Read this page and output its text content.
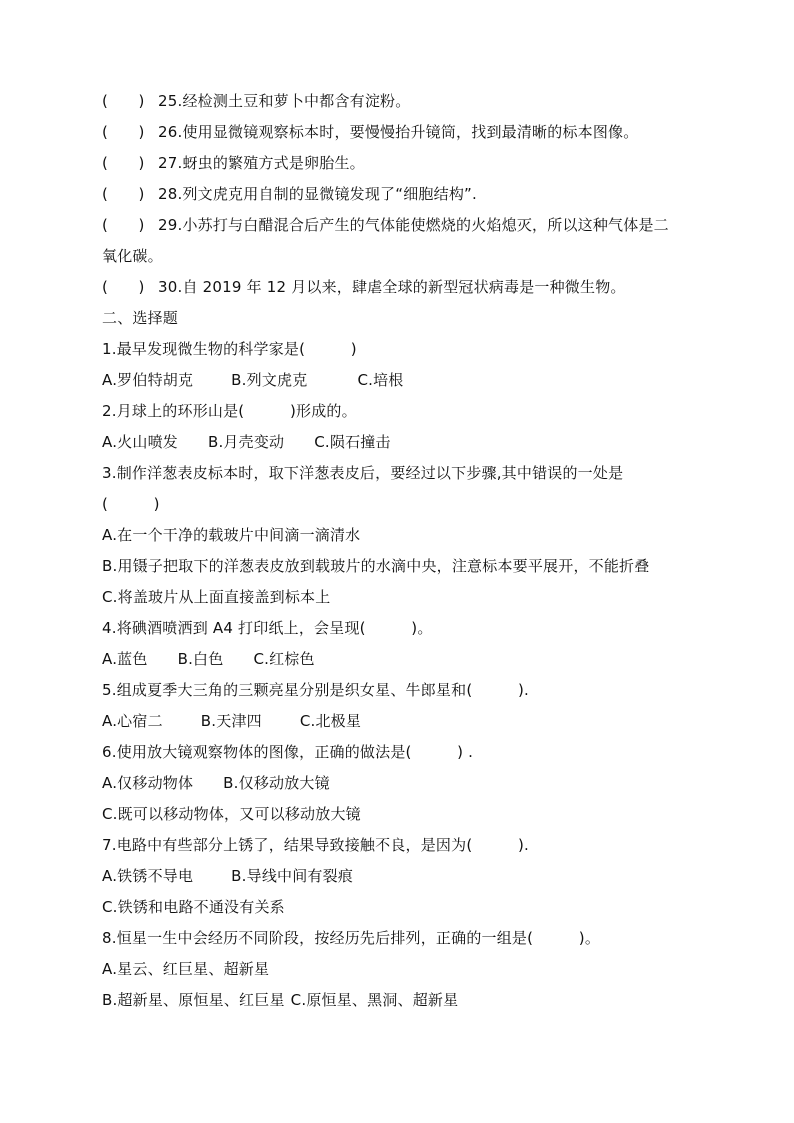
(　　) 25.经检测土豆和萝卜中都含有淀粉。
(　　) 26.使用显微镜观察标本时，要慢慢抬升镜筒，找到最清晰的标本图像。
(　　) 27.蚜虫的繁殖方式是卵胎生。
(　　) 28.列文虎克用自制的显微镜发现了“细胞结构”.
(　　) 29.小苏打与白醋混合后产生的气体能使燃烧的火焰熄灭，所以这种气体是二
氧化碳。
(　　) 30.自 2019 年 12 月以来，肆虐全球的新型冠状病毒是一种微生物。
二、选择题
1.最早发现微生物的科学家是(　　　)
A.罗伯特胡克	B.列文虎克	C.培根
2.月球上的环形山是(　　　)形成的。
A.火山喷发 B.月壳变动 C.陨石撞击
3.制作洋葱表皮标本时，取下洋葱表皮后，要经过以下步骤,其中错误的一处是
(　　　)
A.在一个干净的载玻片中间滴一滴清水
B.用镊子把取下的洋葱表皮放到载玻片的水滴中央，注意标本要平展开，不能折叠
C.将盖玻片从上面直接盖到标本上
4.将碘酒喷洒到 A4 打印纸上，会呈现(　　　)。
A.蓝色 B.白色 C.红棕色
5.组成夏季大三角的三颗亮星分别是织女星、牛郎星和(　　　).
A.心宿二	B.天津四	C.北极星
6.使用放大镜观察物体的图像，正确的做法是(　　　) .
A.仅移动物体 B.仅移动放大镜
C.既可以移动物体，又可以移动放大镜
7.电路中有些部分上锈了，结果导致接触不良，是因为(　　　).
A.铁锈不导电	B.导线中间有裂痕
C.铁锈和电路不通没有关系
8.恒星一生中会经历不同阶段，按经历先后排列，正确的一组是(　　　)。
A.星云、红巨星、超新星
B.超新星、原恒星、红巨星 C.原恒星、黑洞、超新星
